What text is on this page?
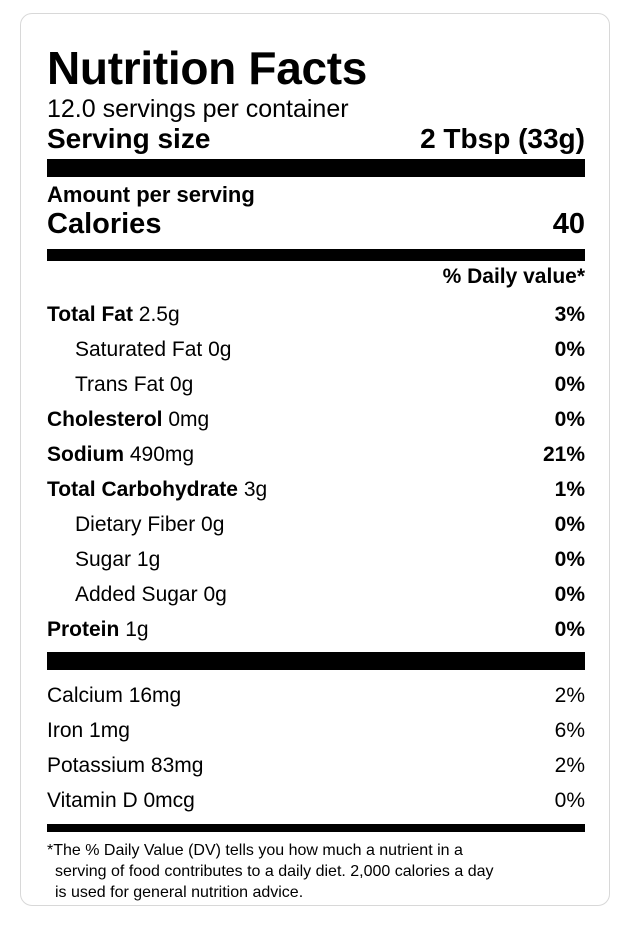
Nutrition Facts
12.0 servings per container
Serving size	2 Tbsp (33g)
Amount per serving
Calories	40
% Daily value*
Total Fat 2.5g	3%
Saturated Fat 0g	0%
Trans Fat 0g	0%
Cholesterol 0mg	0%
Sodium 490mg	21%
Total Carbohydrate 3g	1%
Dietary Fiber 0g	0%
Sugar 1g	0%
Added Sugar 0g	0%
Protein 1g	0%
Calcium 16mg	2%
Iron 1mg	6%
Potassium 83mg	2%
Vitamin D 0mcg	0%
*The % Daily Value (DV) tells you how much a nutrient in a
serving of food contributes to a daily diet. 2,000 calories a day
is used for general nutrition advice.
